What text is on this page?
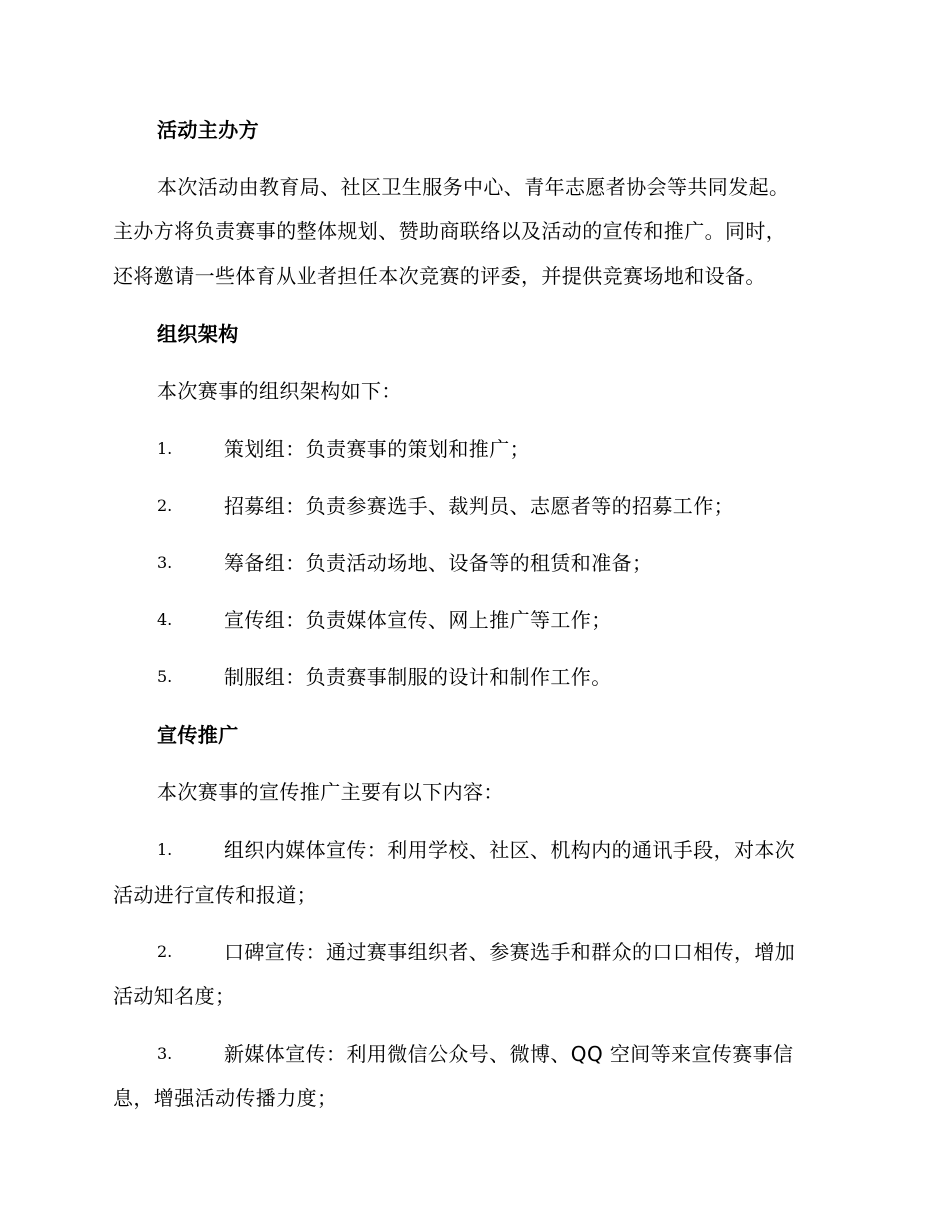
活动主办方
本次活动由教育局、社区卫生服务中心、青年志愿者协会等共同发起。
主办方将负责赛事的整体规划、赞助商联络以及活动的宣传和推广。同时，
还将邀请一些体育从业者担任本次竞赛的评委，并提供竞赛场地和设备。
组织架构
本次赛事的组织架构如下：
1.	策划组：负责赛事的策划和推广；
2.	招募组：负责参赛选手、裁判员、志愿者等的招募工作；
3.	筹备组：负责活动场地、设备等的租赁和准备；
4.	宣传组：负责媒体宣传、网上推广等工作；
5.	制服组：负责赛事制服的设计和制作工作。
宣传推广
本次赛事的宣传推广主要有以下内容：
1.	组织内媒体宣传：利用学校、社区、机构内的通讯手段，对本次
活动进行宣传和报道；
2.	口碑宣传：通过赛事组织者、参赛选手和群众的口口相传，增加
活动知名度；
3.	新媒体宣传：利用微信公众号、微博、QQ 空间等来宣传赛事信
息，增强活动传播力度；
